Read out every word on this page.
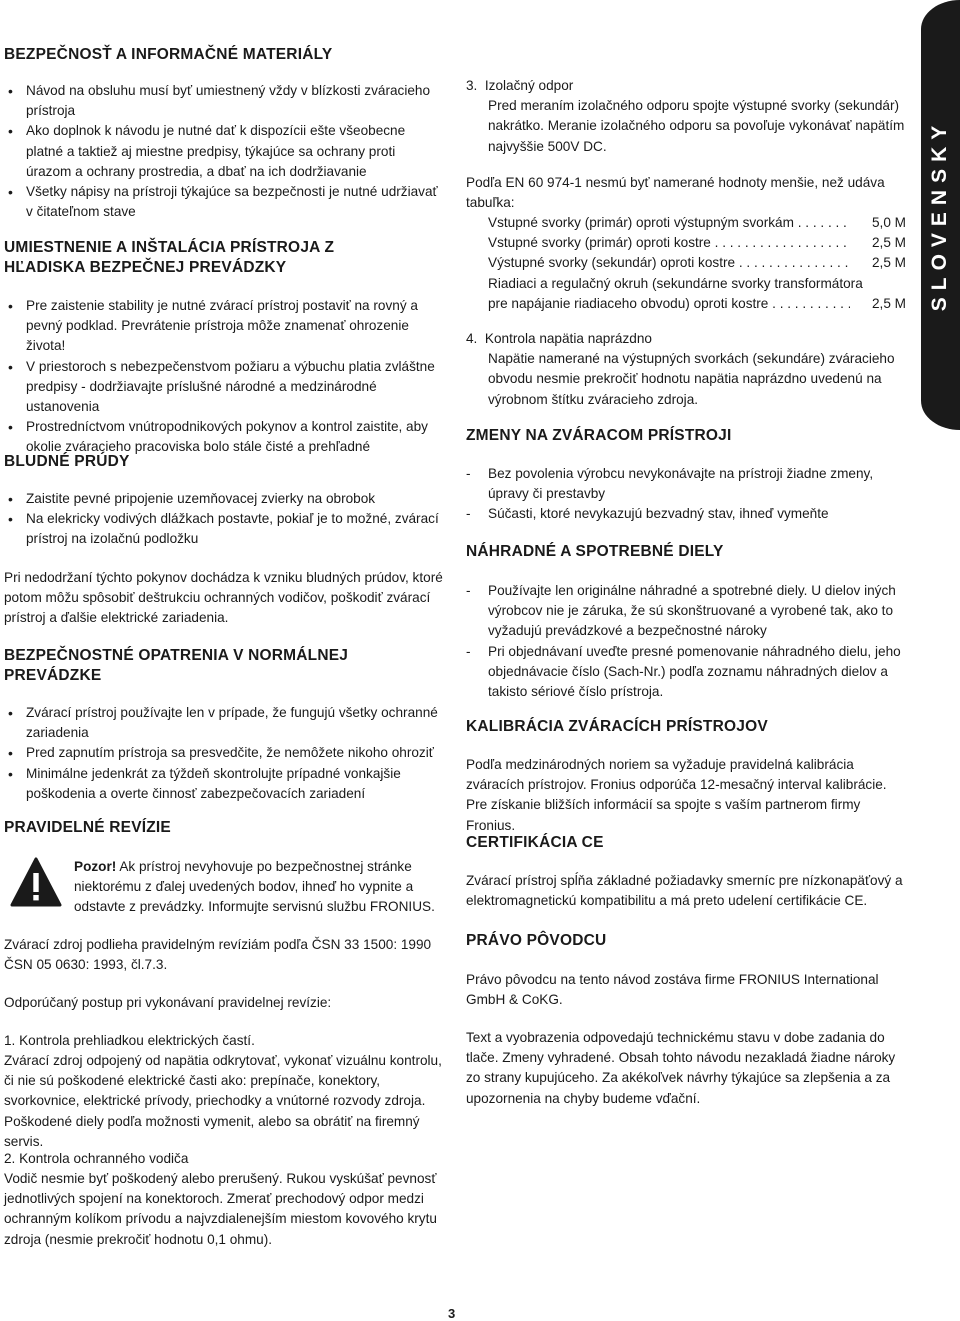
SLOVENSKY
BEZPEČNOSŤ A INFORMAČNÉ MATERIÁLY
• Návod na obsluhu musí byť umiestnený vždy v blízkosti zváracieho prístroja
• Ako doplnok k návodu je nutné dať k dispozícii ešte všeobecne platné a taktiež aj miestne predpisy, týkajúce sa ochrany proti úrazom a ochrany prostredia, a dbať na ich dodržiavanie
• Všetky nápisy na prístroji týkajúce sa bezpečnosti je nutné udržiavať v čitateľnom stave
UMIESTNENIE A INŠTALÁCIA PRÍSTROJA Z HĽADISKA BEZPEČNEJ PREVÁDZKY
• Pre zaistenie stability je nutné zvárací prístroj postaviť na rovný a pevný podklad. Prevrátenie prístroja môže znamenať ohrozenie života!
• V priestoroch s nebezpečenstvom požiaru a výbuchu platia zvláštne predpisy - dodržiavajte príslušné národné a medzinárodné ustanovenia
• Prostredníctvom vnútropodnikových pokynov a kontrol zaistite, aby okolie zváracieho pracoviska bolo stále čisté a prehľadné
BLUDNÉ PRÚDY
• Zaistite pevné pripojenie uzemňovacej zvierky na obrobok
• Na elekricky vodivých dlážkach postavte, pokiaľ je to možné, zvárací prístroj na izolačnú podložku

Pri nedodržaní týchto pokynov dochádza k vzniku bludných prúdov, ktoré potom môžu spôsobiť deštrukciu ochranných vodičov, poškodiť zvárací prístroj a ďalšie elektrické zariadenia.

BEZPEČNOSTNÉ OPATRENIA V NORMÁLNEJ PREVÁDZKE
• Zvárací prístroj používajte len v prípade, že fungujú všetky ochranné zariadenia
• Pred zapnutím prístroja sa presvedčite, že nemôžete nikoho ohroziť
• Minimálne jedenkrát za týždeň skontrolujte prípadné vonkajšie poškodenia a overte činnosť zabezpečovacích zariadení
PRAVIDELNÉ REVÍZIE
Pozor! Ak prístroj nevyhovuje po bezpečnostnej stránke niektorému z ďalej uvedených bodov, ihneď ho vypnite a odstavte z prevádzky. Informujte servisnú službu FRONIUS.

Zvárací zdroj podlieha pravidelným revíziám podľa ČSN 33 1500: 1990 ČSN 05 0630: 1993, čl.7.3.

Odporúčaný postup pri vykonávaní pravidelnej revízie:

1. Kontrola prehliadkou elektrických častí.

Zvárací zdroj odpojený od napätia odkrytovať, vykonať vizuálnu kontrolu, či nie sú poškodené elektrické časti ako: prepínače, konektory, svorkovnice, elektrické prívody, priechodky a vnútorné rozvody zdroja. Poškodené diely podľa možnosti vymenit, alebo sa obrátiť na firemný servis.

2. Kontrola ochranného vodiča

Vodič nesmie byť poškodený alebo prerušený. Rukou vyskúšať pevnosť jednotlivých spojení na konektoroch. Zmerať prechodový odpor medzi ochranným kolíkom prívodu a najvzdialenejším miestom kovového krytu zdroja (nesmie prekročiť hodnotu 0,1 ohmu).

3. Izolačný odpor
Pred meraním izolačného odporu spojte výstupné svorky (sekundár) nakrátko. Meranie izolačného odporu sa povoľuje vykonávať napätím najvyššie 500V DC.

Podľa EN 60 974-1 nesmú byť namerané hodnoty menšie, než udáva tabuľka:

Vstupné svorky (primár) oproti výstupným svorkám . . .	5,0 M
Vstupné svorky (primár) oproti kostre . . .	2,5 M
Výstupné svorky (sekundár) oproti kostre . . .	2,5 M
Riadiaci a regulačný okruh (sekundárne svorky transformátora
pre napájanie riadiaceho obvodu) oproti kostre . . .	2,5 M
4. Kontrola napätia naprázdno
Napätie namerané na výstupných svorkách (sekundáre) zváracieho obvodu nesmie prekročiť hodnotu napätia naprázdno uvedenú na výrobnom štítku zváracieho zdroja.
ZMENY NA ZVÁRACOM PRÍSTROJI
- Bez povolenia výrobcu nevykonávajte na prístroji žiadne zmeny, úpravy či prestavby
- Súčasti, ktoré nevykazujú bezvadný stav, ihneď vymeňte
NÁHRADNÉ A SPOTREBNÉ DIELY
- Používajte len originálne náhradné a spotrebné diely. U dielov iných výrobcov nie je záruka, že sú skonštruované a vyrobené tak, ako to vyžadujú prevádzkové a bezpečnostné nároky
- Pri objednávaní uveďte presné pomenovanie náhradného dielu, jeho objednávacie číslo (Sach-Nr.) podľa zoznamu náhradných dielov a takisto sériové číslo prístroja.
KALIBRÁCIA ZVÁRACÍCH PRÍSTROJOV

Podľa medzinárodných noriem sa vyžaduje pravidelná kalibrácia zváracích prístrojov. Fronius odporúča 12-mesačný interval kalibrácie. Pre získanie bližších informácií sa spojte s vaším partnerom firmy Fronius.

CERTIFIKÁCIA CE

Zvárací prístroj spĺňa základné požiadavky smerníc pre nízkonapäťový a elektromagnetickú kompatibilitu a má preto udelení certifikácie CE.

PRÁVO PÔVODCU

Právo pôvodcu na tento návod zostáva firme FRONIUS International GmbH & CoKG.

Text a vyobrazenia odpovedajú technickému stavu v dobe zadania do tlače. Zmeny vyhradené. Obsah tohto návodu nezakladá žiadne nároky zo strany kupujúceho. Za akékoľvek návrhy týkajúce sa zlepšenia a za upozornenia na chyby budeme vďační.

3
